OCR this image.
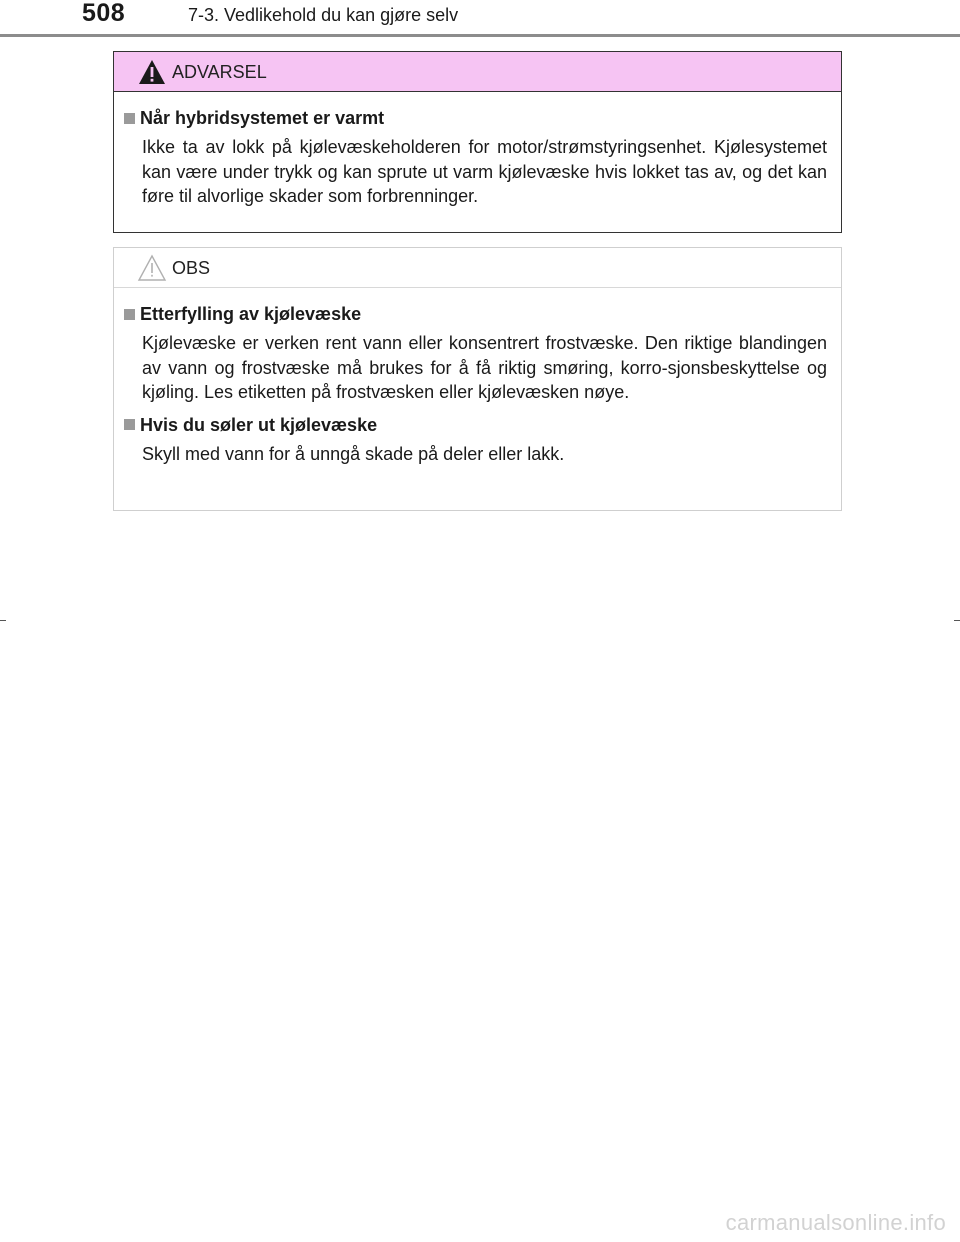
508	7-3. Vedlikehold du kan gjøre selv
ADVARSEL
Når hybridsystemet er varmt
Ikke ta av lokk på kjølevæskeholderen for motor/strømstyringsenhet. Kjølesystemet kan være under trykk og kan sprute ut varm kjølevæske hvis lokket tas av, og det kan føre til alvorlige skader som forbrenninger.
OBS
Etterfylling av kjølevæske
Kjølevæske er verken rent vann eller konsentrert frostvæske. Den riktige blandingen av vann og frostvæske må brukes for å få riktig smøring, korro-sjonsbeskyttelse og kjøling. Les etiketten på frostvæsken eller kjølevæsken nøye.
Hvis du søler ut kjølevæske
Skyll med vann for å unngå skade på deler eller lakk.
carmanualsonline.info
